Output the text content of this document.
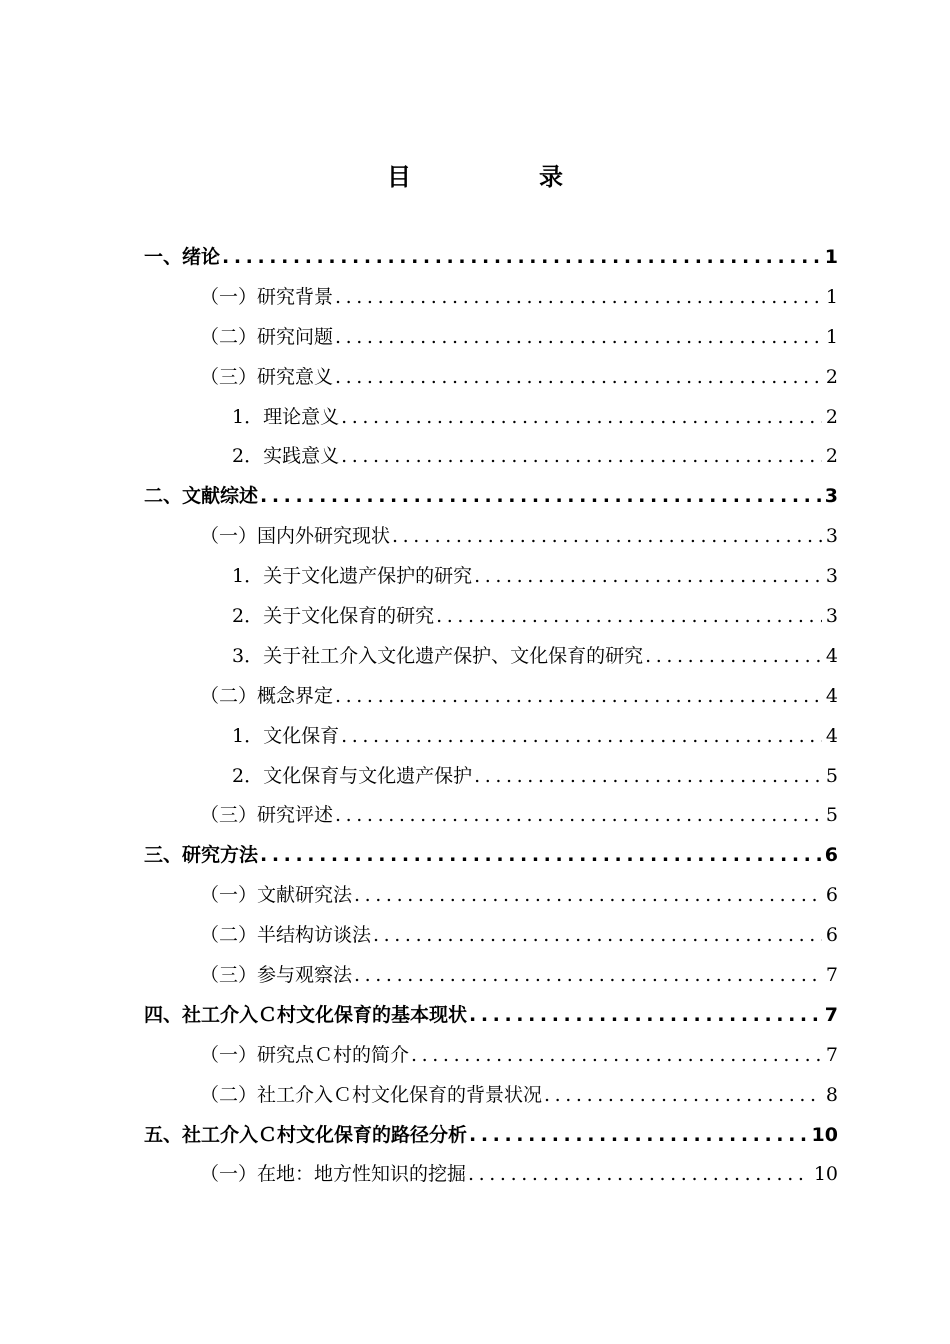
目　录
一、绪论 .....	1
（一）研究背景 .....	1
（二）研究问题 .....	1
（三）研究意义 .....	2
1．理论意义 .....	2
2．实践意义 .....	2
二、文献综述 .....	3
（一）国内外研究现状 .....	3
1．关于文化遗产保护的研究 .....	3
2．关于文化保育的研究 .....	3
3．关于社工介入文化遗产保护、文化保育的研究 .....	4
（二）概念界定 .....	4
1．文化保育 .....	4
2．文化保育与文化遗产保护 .....	5
（三）研究评述 .....	5
三、研究方法 .....	6
（一）文献研究法 .....	6
（二）半结构访谈法 .....	6
（三）参与观察法 .....	7
四、社工介入Ｃ村文化保育的基本现状 .....	7
（一）研究点Ｃ村的简介 .....	7
（二）社工介入Ｃ村文化保育的背景状况 .....	8
五、社工介入Ｃ村文化保育的路径分析 .....	10
（一）在地：地方性知识的挖掘 .....	10
